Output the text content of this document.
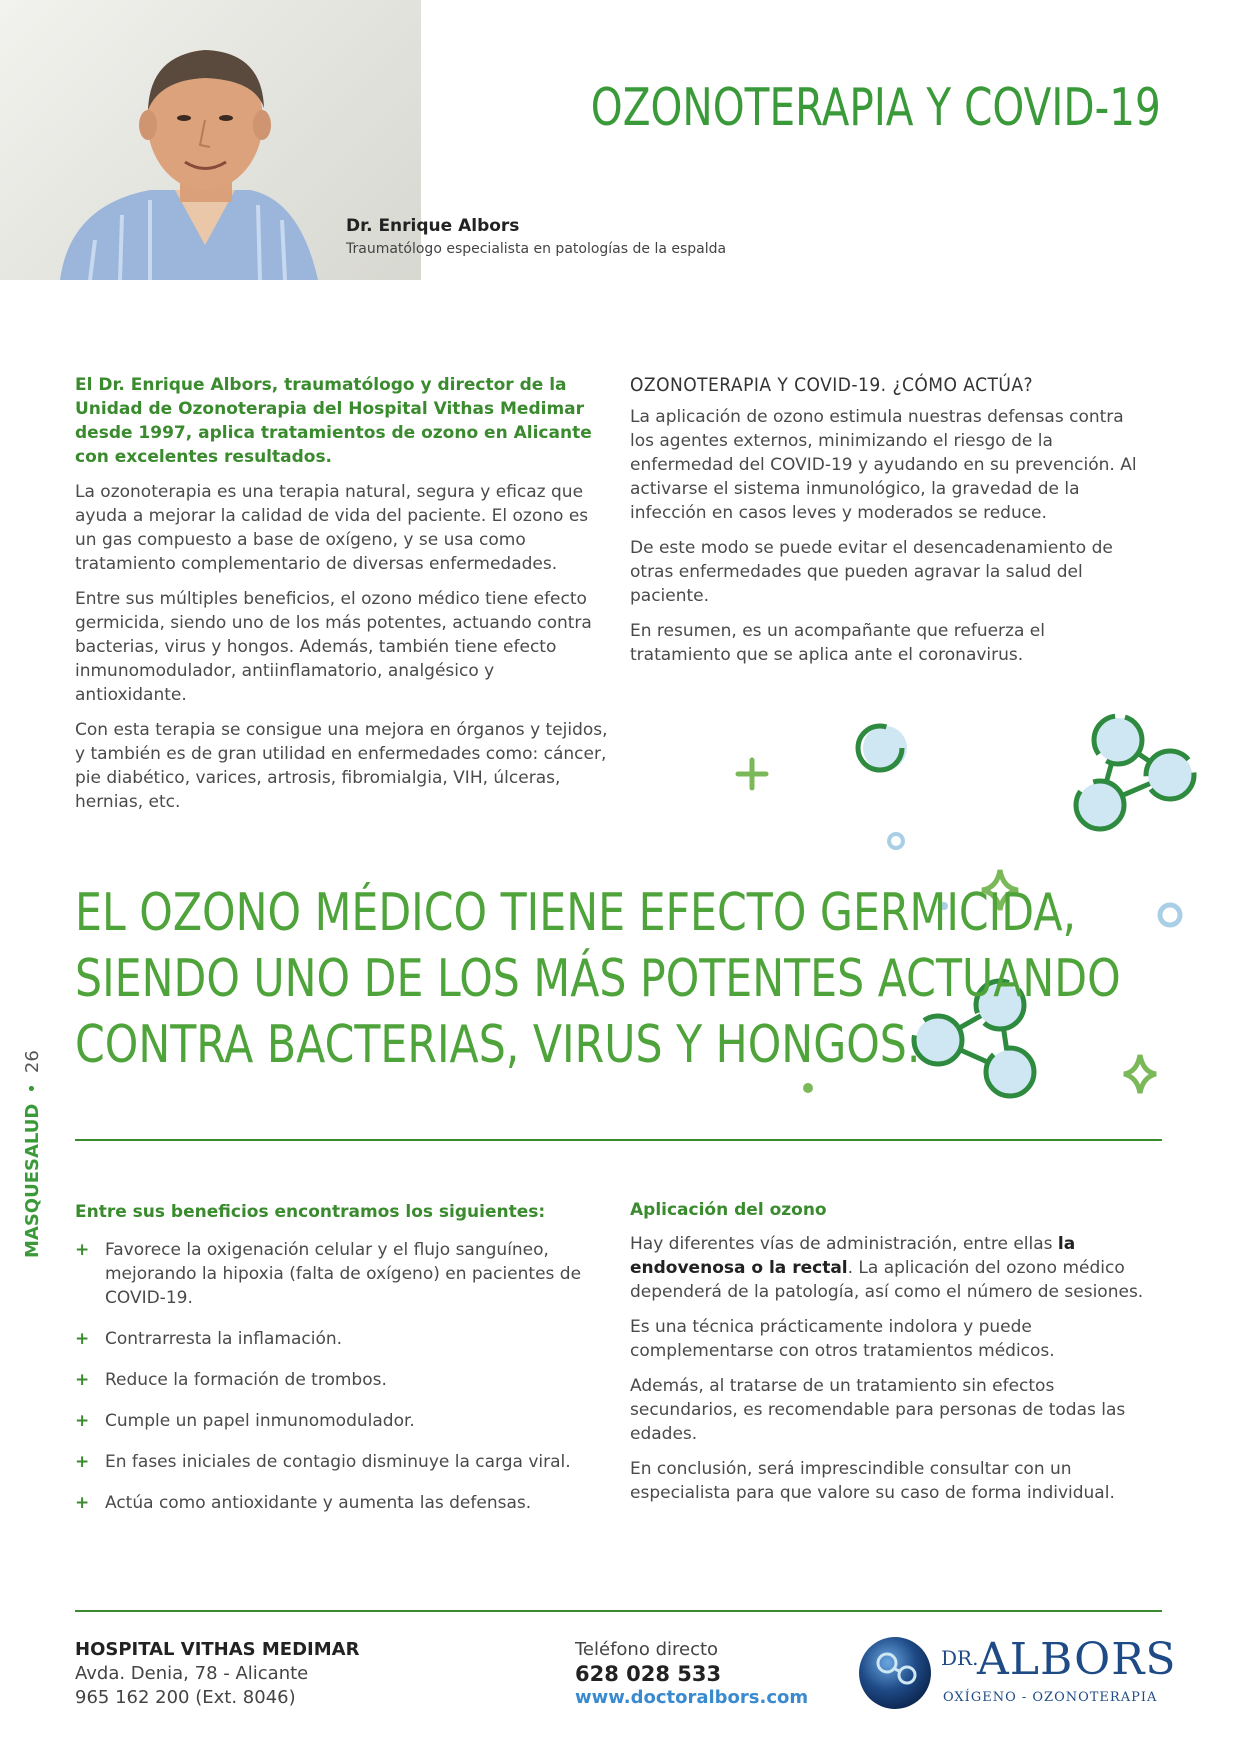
OZONOTERAPIA Y COVID-19
Dr. Enrique Albors
Traumatólogo especialista en patologías de la espalda

El Dr. Enrique Albors, traumatólogo y director de la Unidad de Ozonoterapia del Hospital Vithas Medimar desde 1997, aplica tratamientos de ozono en Alicante con excelentes resultados.

La ozonoterapia es una terapia natural, segura y eficaz que ayuda a mejorar la calidad de vida del paciente. El ozono es un gas compuesto a base de oxígeno, y se usa como tratamiento complementario de diversas enfermedades.

Entre sus múltiples beneficios, el ozono médico tiene efecto germicida, siendo uno de los más potentes, actuando contra bacterias, virus y hongos. Además, también tiene efecto inmunomodulador, antiinflamatorio, analgésico y antioxidante.

Con esta terapia se consigue una mejora en órganos y tejidos, y también es de gran utilidad en enfermedades como: cáncer, pie diabético, varices, artrosis, fibromialgia, VIH, úlceras, hernias, etc.

OZONOTERAPIA Y COVID-19. ¿CÓMO ACTÚA?

La aplicación de ozono estimula nuestras defensas contra los agentes externos, minimizando el riesgo de la enfermedad del COVID-19 y ayudando en su prevención. Al activarse el sistema inmunológico, la gravedad de la infección en casos leves y moderados se reduce.

De este modo se puede evitar el desencadenamiento de otras enfermedades que pueden agravar la salud del paciente.

En resumen, es un acompañante que refuerza el tratamiento que se aplica ante el coronavirus.

EL OZONO MÉDICO TIENE EFECTO GERMICIDA,
SIENDO UNO DE LOS MÁS POTENTES ACTUANDO
CONTRA BACTERIAS, VIRUS Y HONGOS.
MASQUESALUD•26
Entre sus beneficios encontramos los siguientes:
+ Favorece la oxigenación celular y el flujo sanguíneo, mejorando la hipoxia (falta de oxígeno) en pacientes de COVID-19.
+ Contrarresta la inflamación.
+ Reduce la formación de trombos.
+ Cumple un papel inmunomodulador.
+ En fases iniciales de contagio disminuye la carga viral.
+ Actúa como antioxidante y aumenta las defensas.
Aplicación del ozono

Hay diferentes vías de administración, entre ellas la endovenosa o la rectal. La aplicación del ozono médico dependerá de la patología, así como el número de sesiones.

Es una técnica prácticamente indolora y puede complementarse con otros tratamientos médicos.

Además, al tratarse de un tratamiento sin efectos secundarios, es recomendable para personas de todas las edades.

En conclusión, será imprescindible consultar con un especialista para que valore su caso de forma individual.

HOSPITAL VITHAS MEDIMAR
Avda. Denia, 78 - Alicante
965 162 200 (Ext. 8046)
Teléfono directo
628 028 533
www.doctoralbors.com
DR.
ALBORS
OXÍGENO - OZONOTERAPIA
